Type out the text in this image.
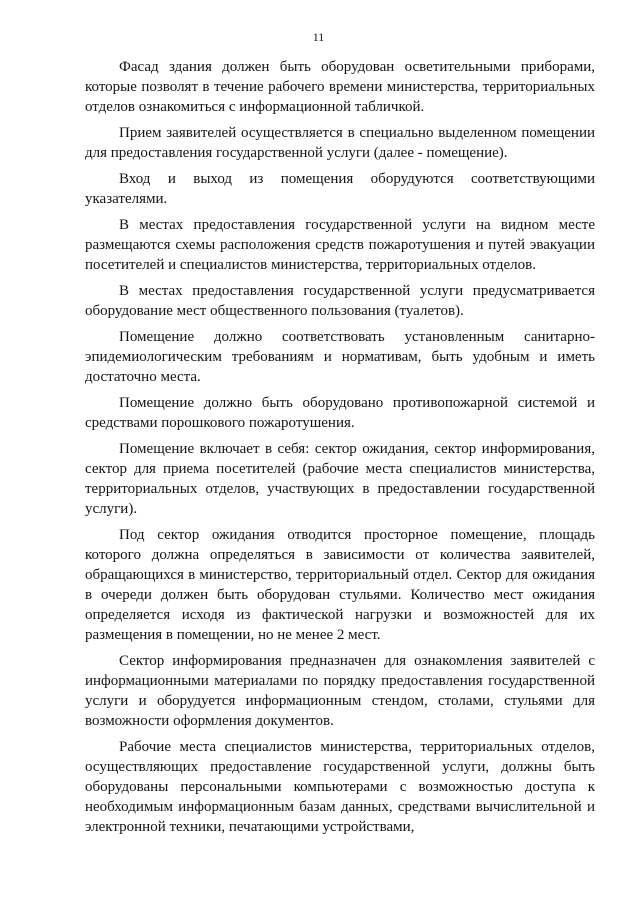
11

Фасад здания должен быть оборудован осветительными приборами, которые позволят в течение рабочего времени министерства, территориальных отделов ознакомиться с информационной табличкой.

Прием заявителей осуществляется в специально выделенном помещении для предоставления государственной услуги (далее - помещение).

Вход и выход из помещения оборудуются соответствующими указателями.

В местах предоставления государственной услуги на видном месте размещаются схемы расположения средств пожаротушения и путей эвакуации посетителей и специалистов министерства, территориальных отделов.

В местах предоставления государственной услуги предусматривается оборудование мест общественного пользования (туалетов).

Помещение должно соответствовать установленным санитарно-эпидемиологическим требованиям и нормативам, быть удобным и иметь достаточно места.

Помещение должно быть оборудовано противопожарной системой и средствами порошкового пожаротушения.

Помещение включает в себя: сектор ожидания, сектор информирования, сектор для приема посетителей (рабочие места специалистов министерства, территориальных отделов, участвующих в предоставлении государственной услуги).

Под сектор ожидания отводится просторное помещение, площадь которого должна определяться в зависимости от количества заявителей, обращающихся в министерство, территориальный отдел. Сектор для ожидания в очереди должен быть оборудован стульями. Количество мест ожидания определяется исходя из фактической нагрузки и возможностей для их размещения в помещении, но не менее 2 мест.

Сектор информирования предназначен для ознакомления заявителей с информационными материалами по порядку предоставления государственной услуги и оборудуется информационным стендом, столами, стульями для возможности оформления документов.

Рабочие места специалистов министерства, территориальных отделов, осуществляющих предоставление государственной услуги, должны быть оборудованы персональными компьютерами с возможностью доступа к необходимым информационным базам данных, средствами вычислительной и электронной техники, печатающими устройствами,
